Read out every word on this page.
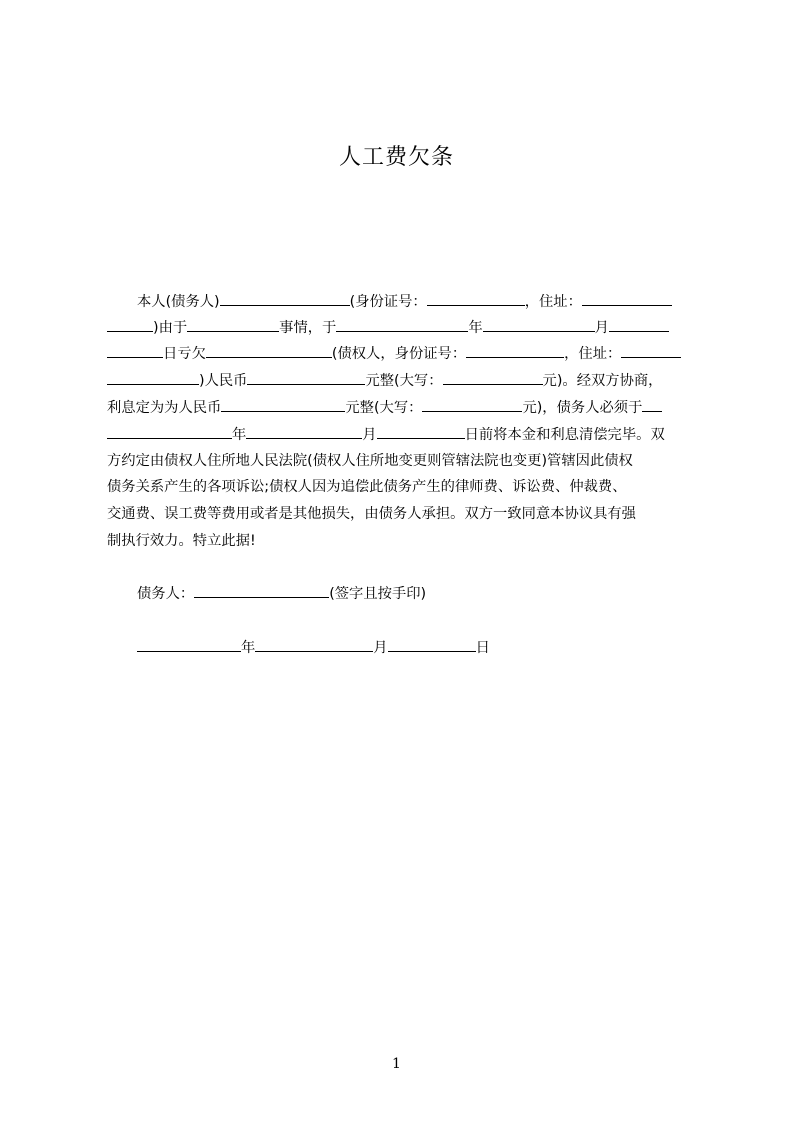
人工费欠条
本人(债务人)	(身份证号：	，住址：
)由于	事情，于	年	月
日亏欠	(债权人，身份证号：	，住址：
)人民币	元整(大写：	元)。经双方协商，
利息定为为人民币	元整(大写：	元)，债务人必须于
年	月	日前将本金和利息清偿完毕。双
方约定由债权人住所地人民法院(债权人住所地变更则管辖法院也变更)管辖因此债权
债务关系产生的各项诉讼;债权人因为追偿此债务产生的律师费、诉讼费、仲裁费、
交通费、误工费等费用或者是其他损失，由债务人承担。双方一致同意本协议具有强
制执行效力。特立此据!
债务人：	(签字且按手印)
年	月	日
1
